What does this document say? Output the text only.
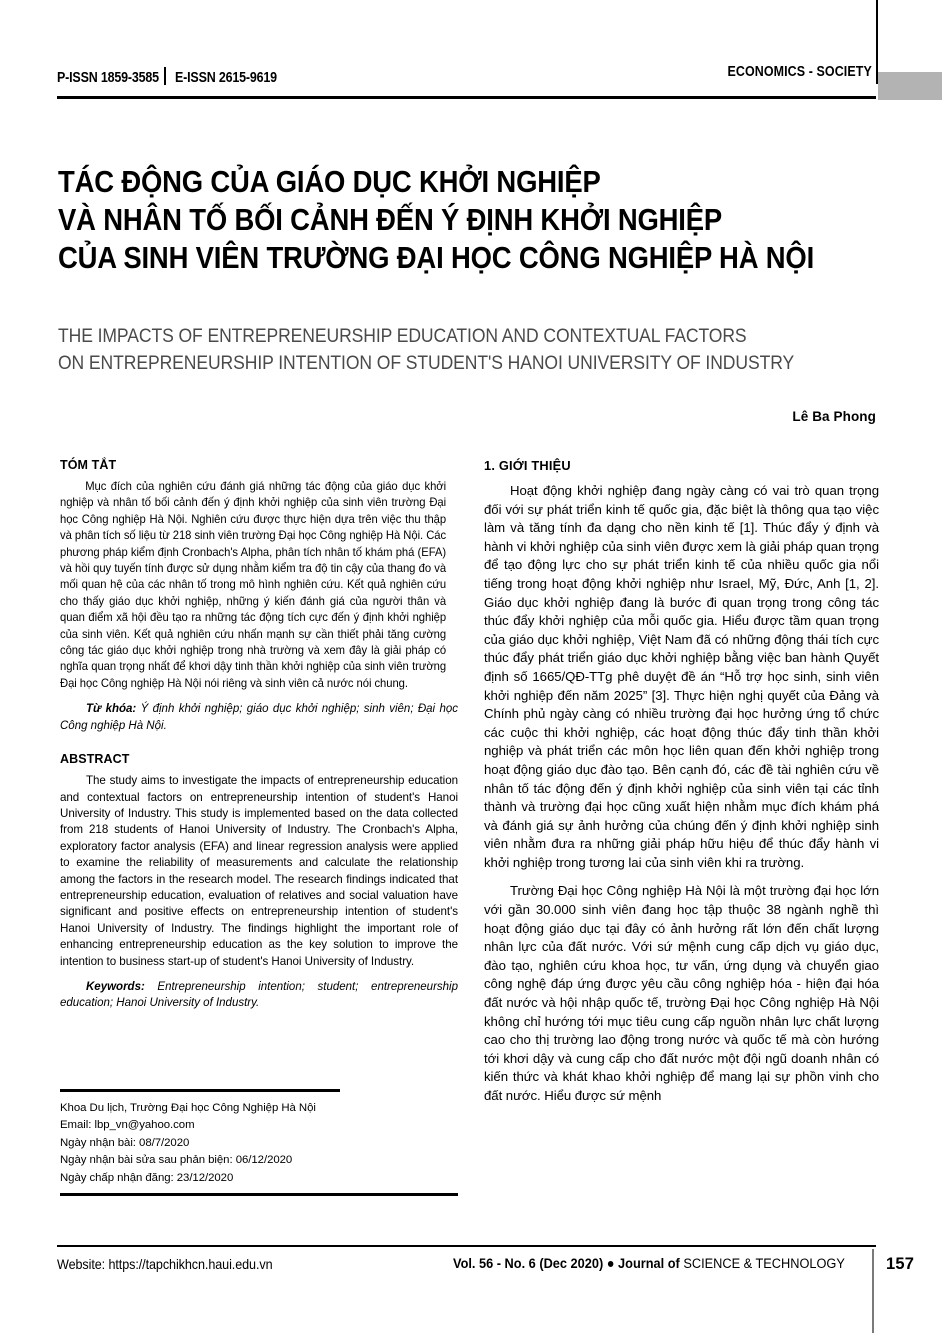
P-ISSN 1859-3585 E-ISSN 2615-9619	ECONOMICS - SOCIETY
TÁC ĐỘNG CỦA GIÁO DỤC KHỞI NGHIỆP
VÀ NHÂN TỐ BỐI CẢNH ĐẾN Ý ĐỊNH KHỞI NGHIỆP
CỦA SINH VIÊN TRƯỜNG ĐẠI HỌC CÔNG NGHIỆP HÀ NỘI
THE IMPACTS OF ENTREPRENEURSHIP EDUCATION AND CONTEXTUAL FACTORS
ON ENTREPRENEURSHIP INTENTION OF STUDENT'S HANOI UNIVERSITY OF INDUSTRY
Lê Ba Phong
TÓM TẮT

Mục đích của nghiên cứu đánh giá những tác động của giáo dục khởi nghiệp và nhân tố bối cảnh đến ý định khởi nghiệp của sinh viên trường Đại học Công nghiệp Hà Nội. Nghiên cứu được thực hiện dựa trên việc thu thập và phân tích số liệu từ 218 sinh viên trường Đại học Công nghiệp Hà Nội. Các phương pháp kiểm định Cronbach's Alpha, phân tích nhân tố khám phá (EFA) và hồi quy tuyến tính được sử dụng nhằm kiểm tra độ tin cậy của thang đo và mối quan hệ của các nhân tố trong mô hình nghiên cứu. Kết quả nghiên cứu cho thấy giáo dục khởi nghiệp, những ý kiến đánh giá của người thân và quan điểm xã hội đều tạo ra những tác động tích cực đến ý định khởi nghiệp của sinh viên. Kết quả nghiên cứu nhấn mạnh sự cần thiết phải tăng cường công tác giáo dục khởi nghiệp trong nhà trường và xem đây là giải pháp có nghĩa quan trọng nhất để khơi dậy tinh thần khởi nghiệp của sinh viên trường Đại học Công nghiệp Hà Nội nói riêng và sinh viên cả nước nói chung.

Từ khóa: Ý định khởi nghiệp; giáo dục khởi nghiệp; sinh viên; Đại học Công nghiệp Hà Nội.

ABSTRACT

The study aims to investigate the impacts of entrepreneurship education and contextual factors on entrepreneurship intention of student's Hanoi University of Industry. This study is implemented based on the data collected from 218 students of Hanoi University of Industry. The Cronbach's Alpha, exploratory factor analysis (EFA) and linear regression analysis were applied to examine the reliability of measurements and calculate the relationship among the factors in the research model. The research findings indicated that entrepreneurship education, evaluation of relatives and social valuation have significant and positive effects on entrepreneurship intention of student's Hanoi University of Industry. The findings highlight the important role of enhancing entrepreneurship education as the key solution to improve the intention to business start-up of student's Hanoi University of Industry.

Keywords: Entrepreneurship intention; student; entrepreneurship education; Hanoi University of Industry.

Khoa Du lịch, Trường Đại học Công Nghiệp Hà Nội
Email: lbp_vn@yahoo.com
Ngày nhận bài: 08/7/2020
Ngày nhận bài sửa sau phản biện: 06/12/2020
Ngày chấp nhận đăng: 23/12/2020
1. GIỚI THIỆU

Hoạt động khởi nghiệp đang ngày càng có vai trò quan trọng đối với sự phát triển kinh tế quốc gia, đặc biệt là thông qua tạo việc làm và tăng tính đa dạng cho nền kinh tế [1]. Thúc đẩy ý định và hành vi khởi nghiệp của sinh viên được xem là giải pháp quan trọng để tạo động lực cho sự phát triển kinh tế của nhiều quốc gia nổi tiếng trong hoạt động khởi nghiệp như Israel, Mỹ, Đức, Anh [1, 2]. Giáo dục khởi nghiệp đang là bước đi quan trọng trong công tác thúc đẩy khởi nghiệp của mỗi quốc gia. Hiểu được tầm quan trọng của giáo dục khởi nghiệp, Việt Nam đã có những động thái tích cực thúc đẩy phát triển giáo dục khởi nghiệp bằng việc ban hành Quyết định số 1665/QĐ-TTg phê duyệt đề án “Hỗ trợ học sinh, sinh viên khởi nghiệp đến năm 2025” [3]. Thực hiện nghị quyết của Đảng và Chính phủ ngày càng có nhiều trường đại học hưởng ứng tổ chức các cuộc thi khởi nghiệp, các hoạt động thúc đẩy tinh thần khởi nghiệp và phát triển các môn học liên quan đến khởi nghiệp trong hoạt động giáo dục đào tạo. Bên cạnh đó, các đề tài nghiên cứu về nhân tố tác động đến ý định khởi nghiệp của sinh viên tại các tỉnh thành và trường đại học cũng xuất hiện nhằm mục đích khám phá và đánh giá sự ảnh hưởng của chúng đến ý định khởi nghiệp sinh viên nhằm đưa ra những giải pháp hữu hiệu để thúc đẩy hành vi khởi nghiệp trong tương lai của sinh viên khi ra trường.

Trường Đại học Công nghiệp Hà Nội là một trường đại học lớn với gần 30.000 sinh viên đang học tập thuộc 38 ngành nghề thì hoạt động giáo dục tại đây có ảnh hưởng rất lớn đến chất lượng nhân lực của đất nước. Với sứ mệnh cung cấp dịch vụ giáo dục, đào tạo, nghiên cứu khoa học, tư vấn, ứng dụng và chuyển giao công nghệ đáp ứng được yêu cầu công nghiệp hóa - hiện đại hóa đất nước và hội nhập quốc tế, trường Đại học Công nghiệp Hà Nội không chỉ hướng tới mục tiêu cung cấp nguồn nhân lực chất lượng cao cho thị trường lao động trong nước và quốc tế mà còn hướng tới khơi dậy và cung cấp cho đất nước một đội ngũ doanh nhân có kiến thức và khát khao khởi nghiệp để mang lại sự phồn vinh cho đất nước. Hiểu được sứ mệnh

Website: https://tapchikhcn.haui.edu.vn	Vol. 56 - No. 6 (Dec 2020) ● Journal of SCIENCE & TECHNOLOGY 157
